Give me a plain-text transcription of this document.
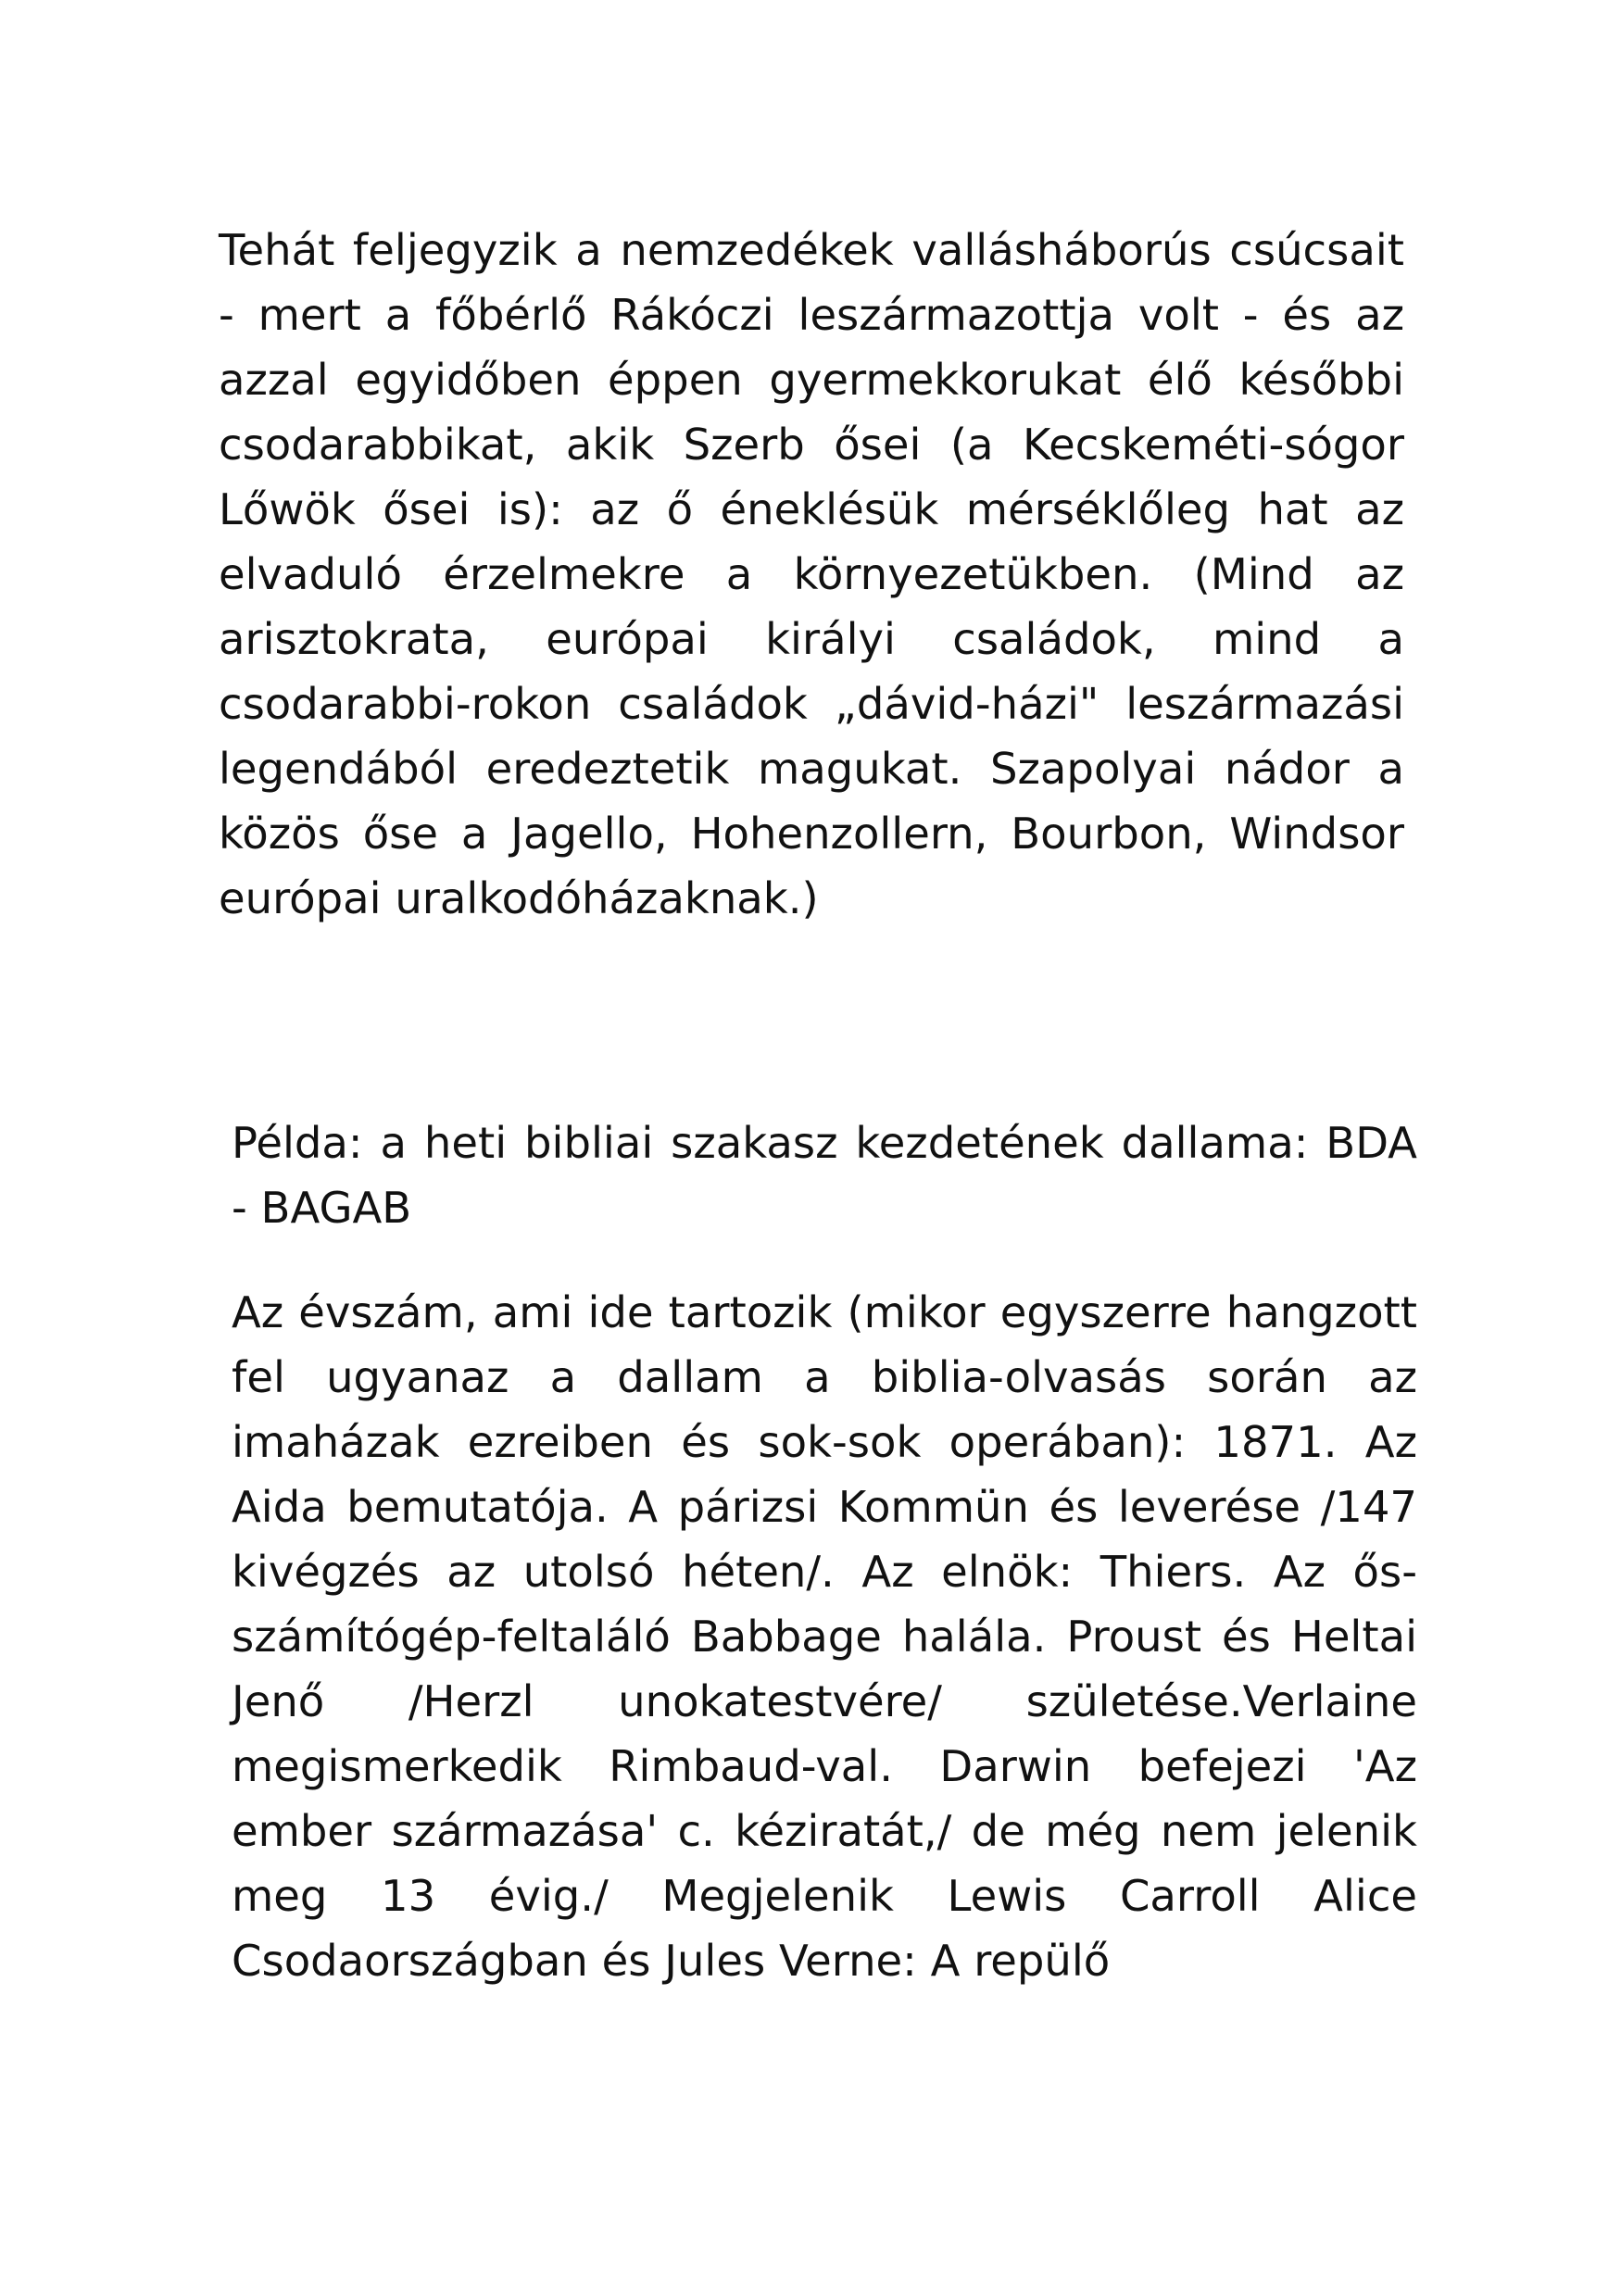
Tehát feljegyzik a nemzedékek vallásháborús csúcsait - mert a főbérlő Rákóczi leszármazottja volt - és az azzal egyidőben éppen gyermekkorukat élő későbbi csodarabbikat, akik Szerb ősei (a Kecskeméti-sógor Lőwök ősei is): az ő éneklésük mérséklőleg hat az elvaduló érzelmekre a környezetükben. (Mind az arisztokrata, európai királyi családok, mind a csodarabbi-rokon családok „dávid-házi" leszármazási legendából eredeztetik magukat. Szapolyai nádor a közös őse a Jagello, Hohenzollern, Bourbon, Windsor európai uralkodóházaknak.)

Példa: a heti bibliai szakasz kezdetének dallama: BDA - BAGAB

Az évszám, ami ide tartozik (mikor egyszerre hangzott fel ugyanaz a dallam a biblia-olvasás során az imaházak ezreiben és sok-sok operában): 1871. Az Aida bemutatója. A párizsi Kommün és leverése /147 kivégzés az utolsó héten/. Az elnök: Thiers. Az ős-számítógép-feltaláló Babbage halála. Proust és Heltai Jenő /Herzl unokatestvére/ születése.Verlaine megismerkedik Rimbaud-val. Darwin befejezi 'Az ember származása' c. kéziratát,/ de még nem jelenik meg 13 évig./ Megjelenik Lewis Carroll Alice Csodaországban és Jules Verne: A repülő
